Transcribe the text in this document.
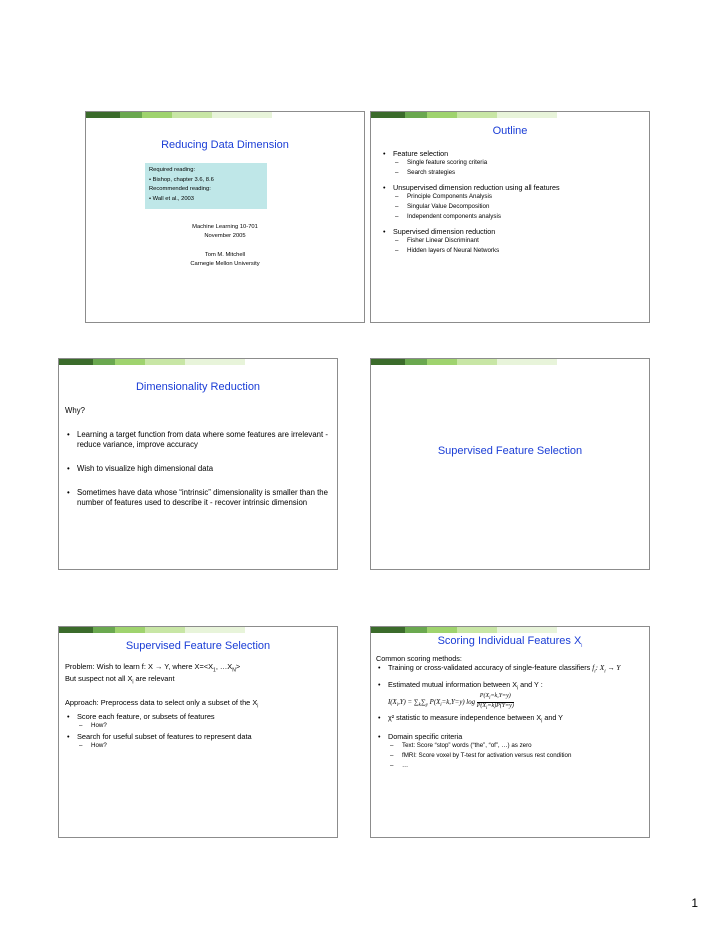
Reducing Data Dimension
Required reading:
• Bishop, chapter 3.6, 8.6
Recommended reading:
• Wall et al., 2003
Machine Learning 10-701
November 2005
Tom M. Mitchell
Carnegie Mellon University
Outline
• Feature selection
– Single feature scoring criteria
– Search strategies
• Unsupervised dimension reduction using all features
– Principle Components Analysis
– Singular Value Decomposition
– Independent components analysis
• Supervised dimension reduction
– Fisher Linear Discriminant
– Hidden layers of Neural Networks
Dimensionality Reduction
Why?
• Learning a target function from data where some features are irrelevant - reduce variance, improve accuracy
• Wish to visualize high dimensional data
• Sometimes have data whose “intrinsic” dimensionality is smaller than the number of features used to describe it - recover intrinsic dimension
Supervised Feature Selection
Supervised Feature Selection
Problem: Wish to learn f: X → Y, where $X=<X_1$, $\dots X_N>$
But suspect not all $X_i$ are relevant
Approach: Preprocess data to select only a subset of the $X_i$
• Score each feature, or subsets of features
– How?
• Search for useful subset of features to represent data
– How?
Scoring Individual Features $X_i$
Common scoring methods:
• Training or cross-validated accuracy of single-feature classifiers $f_i$: $X_i \to Y$
• Estimated mutual information between $X_i$ and Y :
$I(X_i,Y) = \sum_k\sum_y$ $P(X_i=k,Y=y)$ $\log \frac{P(X_i=k,Y=y)}{P(X_i=k)P(Y=y)}$
• χ² statistic to measure independence between $X_i$ and Y
• Domain specific criteria
– Text: Score “stop” words (“the”, “of”, …) as zero
– fMRI: Score voxel by T-test for activation versus rest condition
– …
1
